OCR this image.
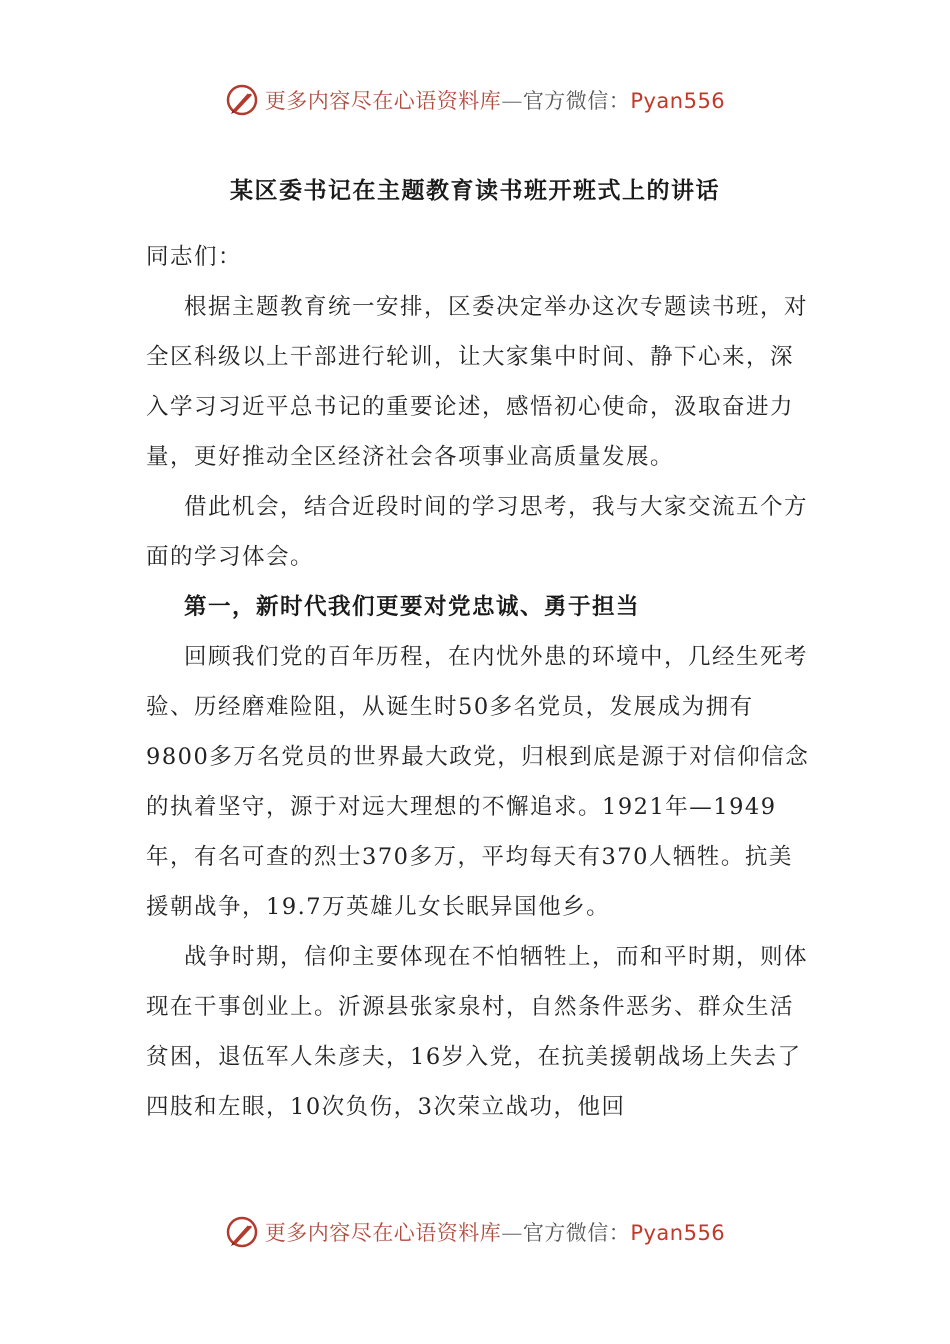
更多内容尽在心语资料库—官方微信：Pyan556
某区委书记在主题教育读书班开班式上的讲话

同志们：

根据主题教育统一安排，区委决定举办这次专题读书班，对全区科级以上干部进行轮训，让大家集中时间、静下心来，深入学习习近平总书记的重要论述，感悟初心使命，汲取奋进力量，更好推动全区经济社会各项事业高质量发展。

借此机会，结合近段时间的学习思考，我与大家交流五个方面的学习体会。

第一，新时代我们更要对党忠诚、勇于担当

回顾我们党的百年历程，在内忧外患的环境中，几经生死考验、历经磨难险阻，从诞生时50多名党员，发展成为拥有9800多万名党员的世界最大政党，归根到底是源于对信仰信念的执着坚守，源于对远大理想的不懈追求。1921年—1949年，有名可查的烈士370多万，平均每天有370人牺牲。抗美援朝战争，19.7万英雄儿女长眠异国他乡。

战争时期，信仰主要体现在不怕牺牲上，而和平时期，则体现在干事创业上。沂源县张家泉村，自然条件恶劣、群众生活贫困，退伍军人朱彦夫，16岁入党，在抗美援朝战场上失去了四肢和左眼，10次负伤，3次荣立战功，他回

更多内容尽在心语资料库—官方微信：Pyan556
